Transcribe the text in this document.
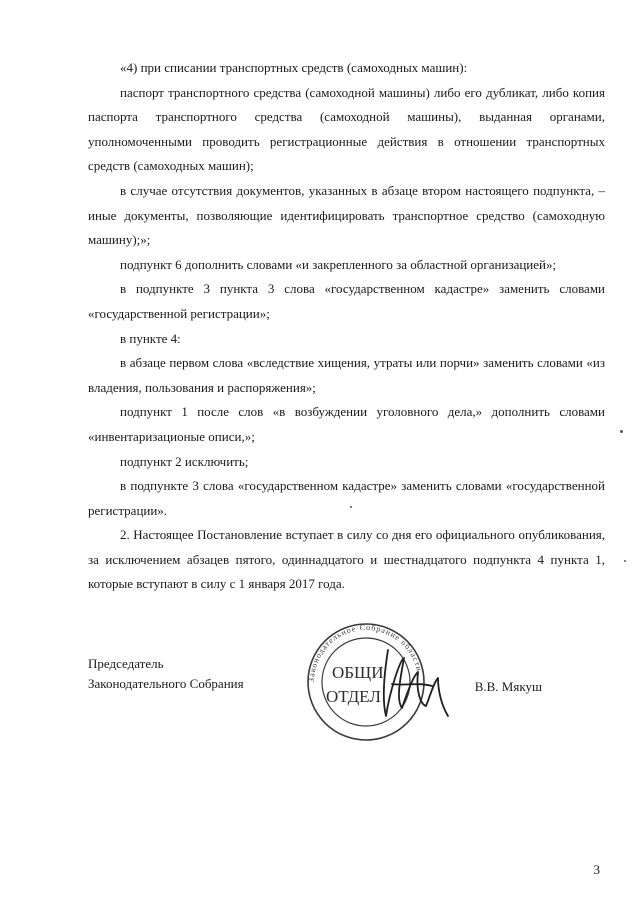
«4) при списании транспортных средств (самоходных машин):

паспорт транспортного средства (самоходной машины) либо его дубликат, либо копия паспорта транспортного средства (самоходной машины), выданная органами, уполномоченными проводить регистрационные действия в отношении транспортных средств (самоходных машин);

в случае отсутствия документов, указанных в абзаце втором настоящего подпункта, – иные документы, позволяющие идентифицировать транспортное средство (самоходную машину);»;

подпункт 6 дополнить словами «и закрепленного за областной организацией»;

в подпункте 3 пункта 3 слова «государственном кадастре» заменить словами «государственной регистрации»;

в пункте 4:

в абзаце первом слова «вследствие хищения, утраты или порчи» заменить словами «из владения, пользования и распоряжения»;

подпункт 1 после слов «в возбуждении уголовного дела,» дополнить словами «инвентаризационые описи,»;

подпункт 2 исключить;

в подпункте 3 слова «государственном кадастре» заменить словами «государственной регистрации».

2. Настоящее Постановление вступает в силу со дня его официального опубликования, за исключением абзацев пятого, одиннадцатого и шестнадцатого подпункта 4 пункта 1, которые вступают в силу с 1 января 2017 года.

Председатель
Законодательного Собрания	Законодательное Собрание области
ОБЩИ
ОТДЕЛ
В.В. Мякуш
3
